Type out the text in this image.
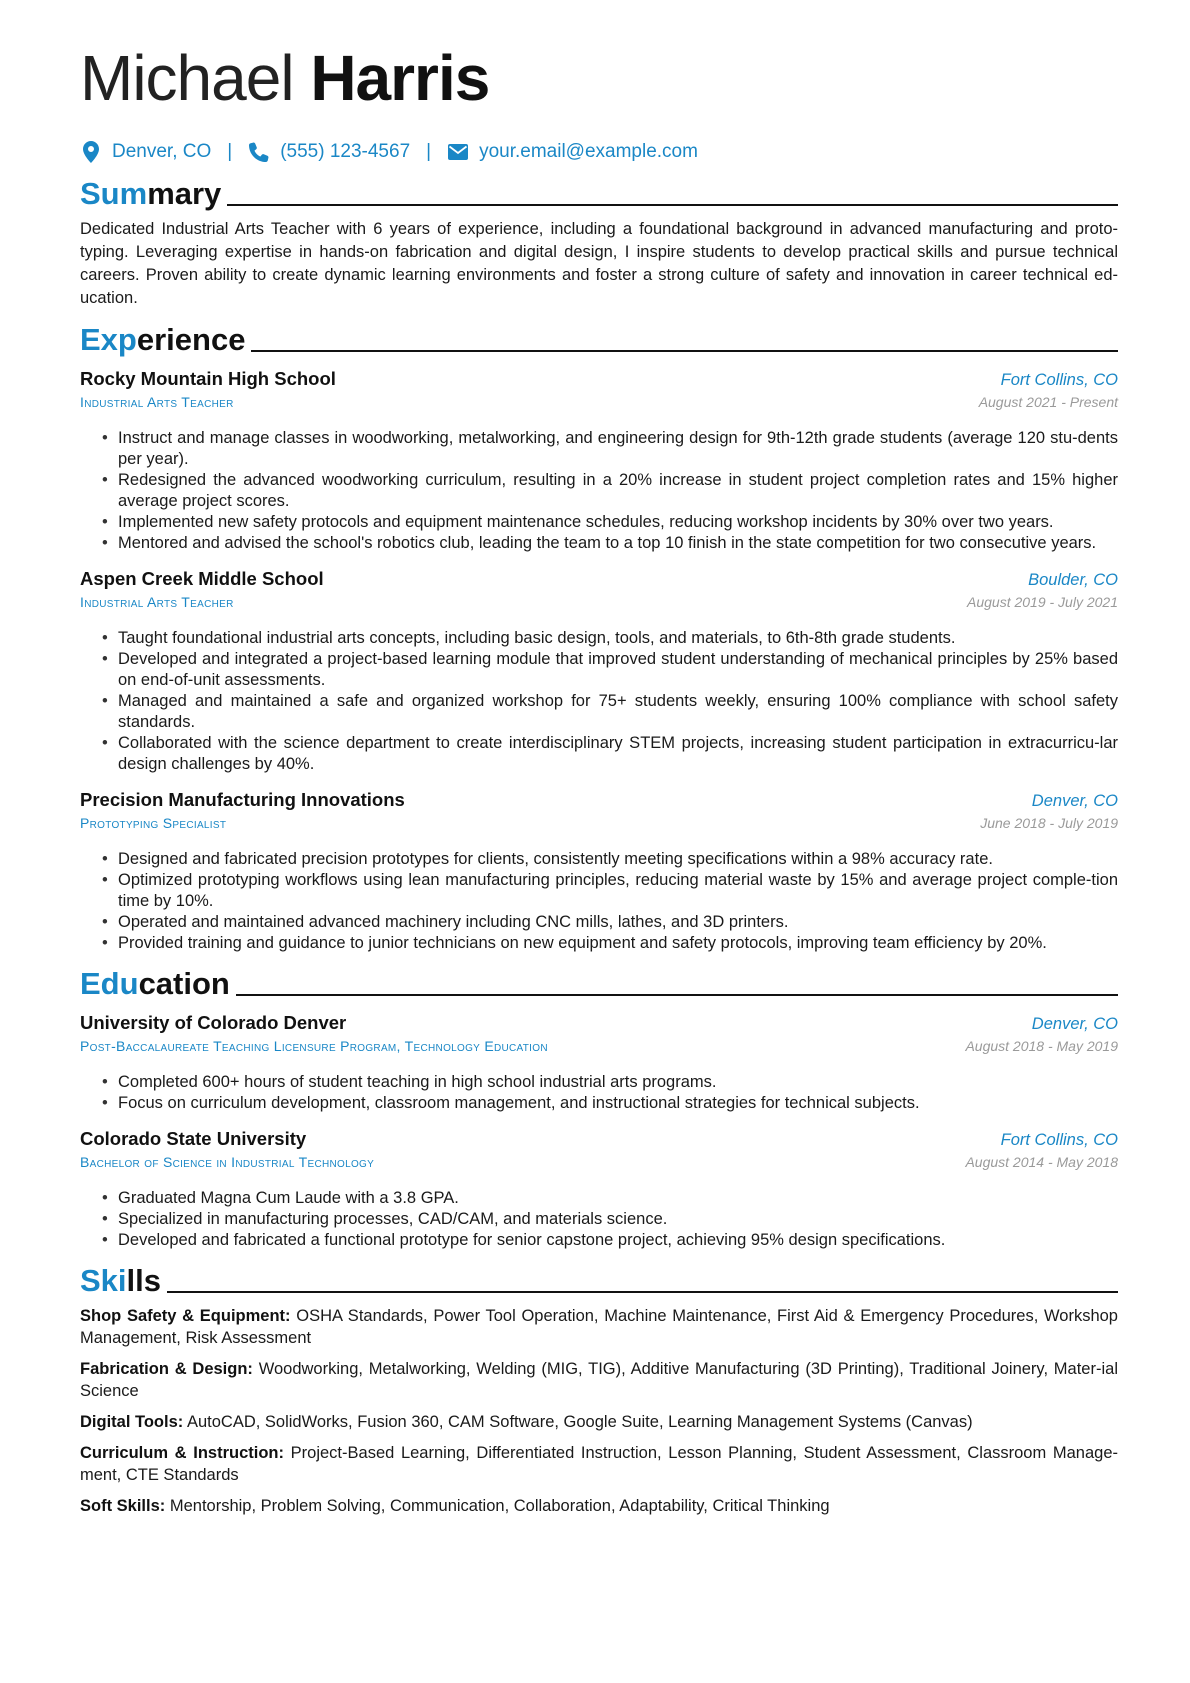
Michael Harris
Denver, CO |	(555) 123-4567 |	your.email@example.com
Summary

Dedicated Industrial Arts Teacher with 6 years of experience, including a foundational background in advanced manufacturing and proto-typing. Leveraging expertise in hands-on fabrication and digital design, I inspire students to develop practical skills and pursue technical careers. Proven ability to create dynamic learning environments and foster a strong culture of safety and innovation in career technical ed-ucation.

Experience
Rocky Mountain High School	Fort Collins, CO
Industrial Arts Teacher	August 2021 - Present
• Instruct and manage classes in woodworking, metalworking, and engineering design for 9th-12th grade students (average 120 stu-dents per year).
• Redesigned the advanced woodworking curriculum, resulting in a 20% increase in student project completion rates and 15% higher average project scores.
• Implemented new safety protocols and equipment maintenance schedules, reducing workshop incidents by 30% over two years.
• Mentored and advised the school's robotics club, leading the team to a top 10 finish in the state competition for two consecutive years.
Aspen Creek Middle School	Boulder, CO
Industrial Arts Teacher	August 2019 - July 2021
• Taught foundational industrial arts concepts, including basic design, tools, and materials, to 6th-8th grade students.
• Developed and integrated a project-based learning module that improved student understanding of mechanical principles by 25% based on end-of-unit assessments.
• Managed and maintained a safe and organized workshop for 75+ students weekly, ensuring 100% compliance with school safety standards.
• Collaborated with the science department to create interdisciplinary STEM projects, increasing student participation in extracurricu-lar design challenges by 40%.
Precision Manufacturing Innovations	Denver, CO
Prototyping Specialist	June 2018 - July 2019
• Designed and fabricated precision prototypes for clients, consistently meeting specifications within a 98% accuracy rate.
• Optimized prototyping workflows using lean manufacturing principles, reducing material waste by 15% and average project comple-tion time by 10%.
• Operated and maintained advanced machinery including CNC mills, lathes, and 3D printers.
• Provided training and guidance to junior technicians on new equipment and safety protocols, improving team efficiency by 20%.
Education
University of Colorado Denver	Denver, CO
Post-Baccalaureate Teaching Licensure Program, Technology Education	August 2018 - May 2019
• Completed 600+ hours of student teaching in high school industrial arts programs.
• Focus on curriculum development, classroom management, and instructional strategies for technical subjects.
Colorado State University	Fort Collins, CO
Bachelor of Science in Industrial Technology	August 2014 - May 2018
• Graduated Magna Cum Laude with a 3.8 GPA.
• Specialized in manufacturing processes, CAD/CAM, and materials science.
• Developed and fabricated a functional prototype for senior capstone project, achieving 95% design specifications.
Skills

Shop Safety & Equipment: OSHA Standards, Power Tool Operation, Machine Maintenance, First Aid & Emergency Procedures, Workshop Management, Risk Assessment

Fabrication & Design: Woodworking, Metalworking, Welding (MIG, TIG), Additive Manufacturing (3D Printing), Traditional Joinery, Mater-ial Science

Digital Tools: AutoCAD, SolidWorks, Fusion 360, CAM Software, Google Suite, Learning Management Systems (Canvas)

Curriculum & Instruction: Project-Based Learning, Differentiated Instruction, Lesson Planning, Student Assessment, Classroom Manage-ment, CTE Standards

Soft Skills: Mentorship, Problem Solving, Communication, Collaboration, Adaptability, Critical Thinking
